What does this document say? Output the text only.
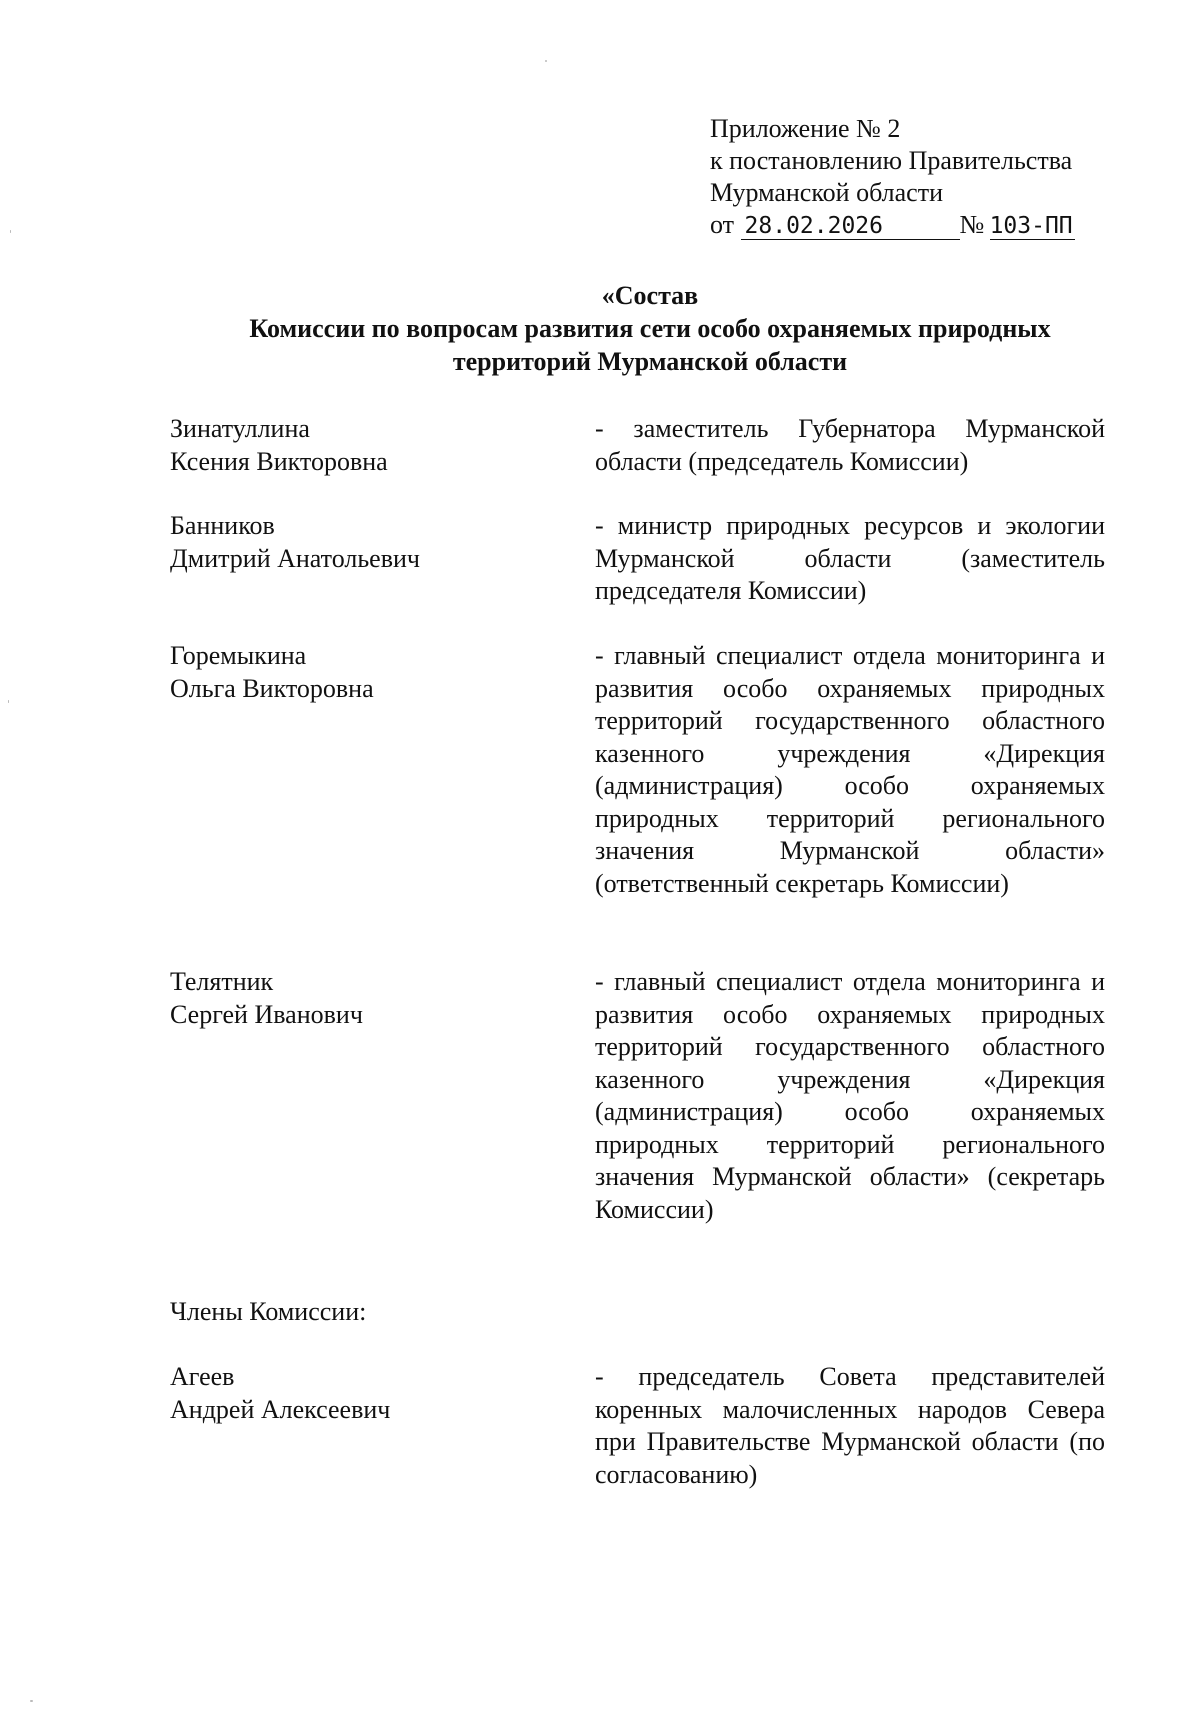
Приложение № 2
к постановлению Правительства
Мурманской области
от 28.02.2026	№  103-ПП
«Состав
Комиссии по вопросам развития сети особо охраняемых природных
территорий Мурманской области
Зинатуллина
Ксения Викторовна
- заместитель Губернатора Мурманской области (председатель Комиссии)
Банников
Дмитрий Анатольевич
- министр природных ресурсов и экологии Мурманской области (заместитель председателя Комиссии)
Горемыкина
Ольга Викторовна
- главный специалист отдела мониторинга и развития особо охраняемых природных территорий государственного областного казенного учреждения «Дирекция (администрация) особо охраняемых природных территорий регионального значения Мурманской области» (ответственный секретарь Комиссии)
Телятник
Сергей Иванович
- главный специалист отдела мониторинга и развития особо охраняемых природных территорий государственного областного казенного учреждения «Дирекция (администрация) особо охраняемых природных территорий регионального значения Мурманской области» (секретарь Комиссии)
Члены Комиссии:
Агеев
Андрей Алексеевич
- председатель Совета представителей коренных малочисленных народов Севера при Правительстве Мурманской области (по согласованию)
